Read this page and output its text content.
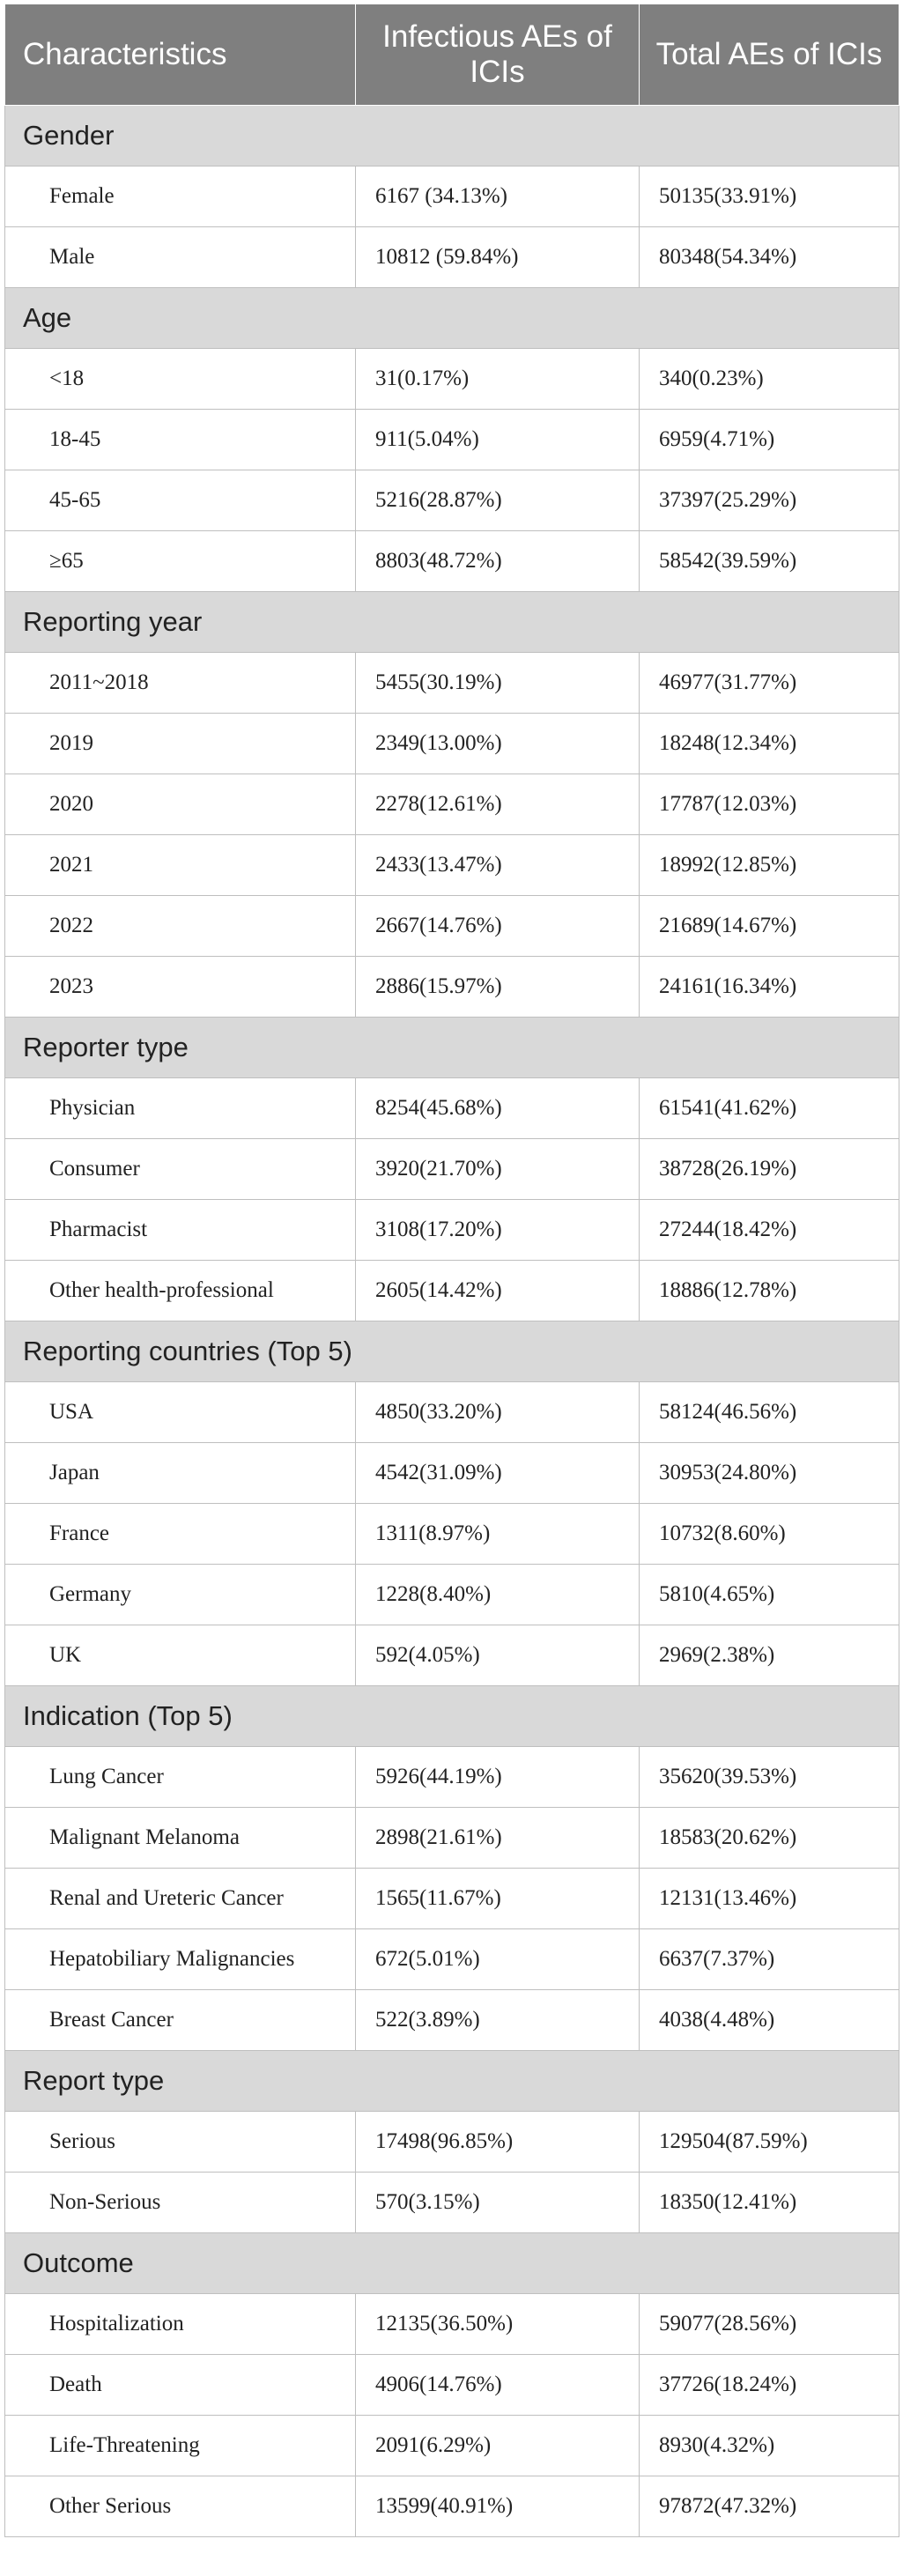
Characteristics	Infectious AEs of ICIs	Total AEs of ICIs
Gender		
Female	6167 (34.13%)	50135(33.91%)
Male	10812 (59.84%)	80348(54.34%)
Age		
<18	31(0.17%)	340(0.23%)
18-45	911(5.04%)	6959(4.71%)
45-65	5216(28.87%)	37397(25.29%)
≥65	8803(48.72%)	58542(39.59%)
Reporting year		
2011~2018	5455(30.19%)	46977(31.77%)
2019	2349(13.00%)	18248(12.34%)
2020	2278(12.61%)	17787(12.03%)
2021	2433(13.47%)	18992(12.85%)
2022	2667(14.76%)	21689(14.67%)
2023	2886(15.97%)	24161(16.34%)
Reporter type		
Physician	8254(45.68%)	61541(41.62%)
Consumer	3920(21.70%)	38728(26.19%)
Pharmacist	3108(17.20%)	27244(18.42%)
Other health-professional	2605(14.42%)	18886(12.78%)
Reporting countries (Top 5)		
USA	4850(33.20%)	58124(46.56%)
Japan	4542(31.09%)	30953(24.80%)
France	1311(8.97%)	10732(8.60%)
Germany	1228(8.40%)	5810(4.65%)
UK	592(4.05%)	2969(2.38%)
Indication (Top 5)		
Lung Cancer	5926(44.19%)	35620(39.53%)
Malignant Melanoma	2898(21.61%)	18583(20.62%)
Renal and Ureteric Cancer	1565(11.67%)	12131(13.46%)
Hepatobiliary Malignancies	672(5.01%)	6637(7.37%)
Breast Cancer	522(3.89%)	4038(4.48%)
Report type		
Serious	17498(96.85%)	129504(87.59%)
Non-Serious	570(3.15%)	18350(12.41%)
Outcome		
Hospitalization	12135(36.50%)	59077(28.56%)
Death	4906(14.76%)	37726(18.24%)
Life-Threatening	2091(6.29%)	8930(4.32%)
Other Serious	13599(40.91%)	97872(47.32%)
